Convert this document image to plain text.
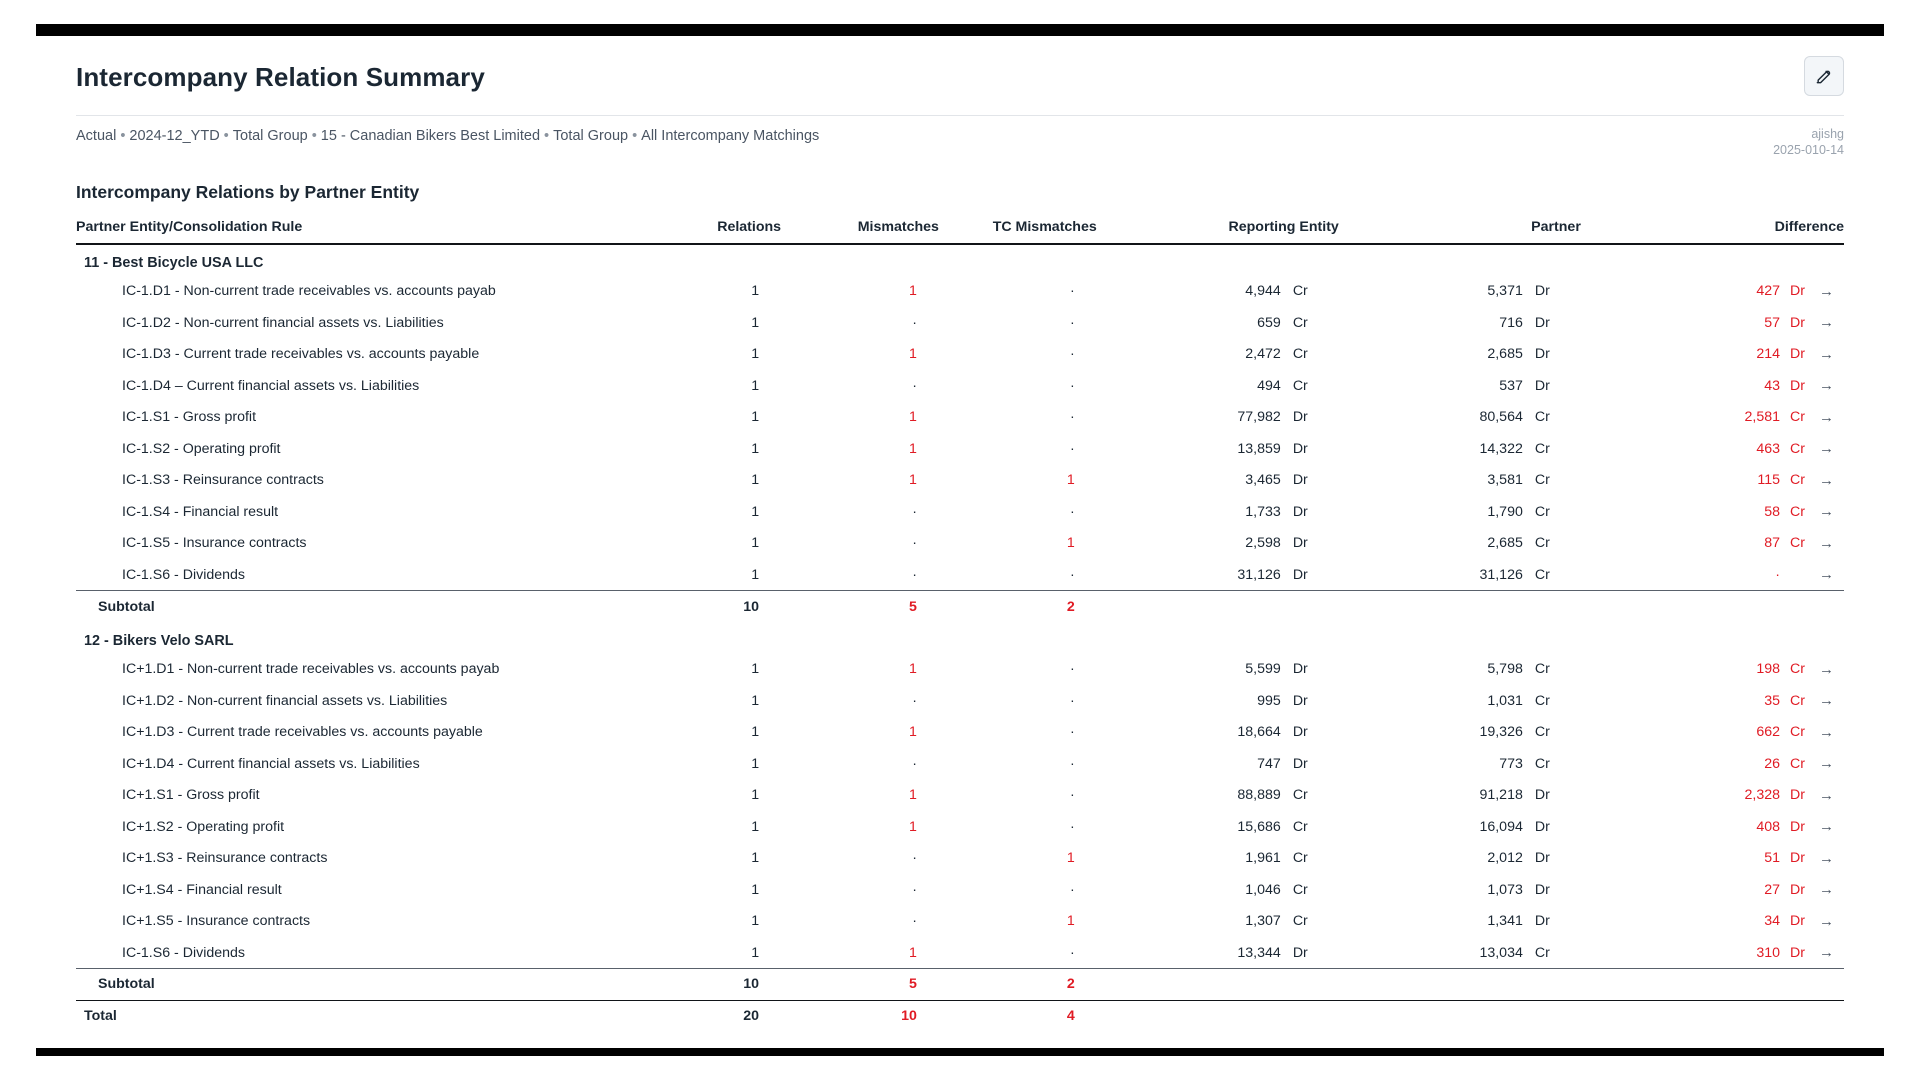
Intercompany Relation Summary
Actual • 2024-12_YTD • Total Group • 15 - Canadian Bikers Best Limited • Total Group • All Intercompany Matchings	ajishg
2025-010-14
Intercompany Relations by Partner Entity
Partner Entity/Consolidation Rule	Relations	Mismatches	TC Mismatches	Reporting Entity	Partner	Difference
11 - Best Bicycle USA LLC						
IC-1.D1 - Non-current trade receivables vs. accounts payab	1	1	·	4,944 Cr	5,371 Dr	427 Dr →

IC-1.D2 - Non-current financial assets vs. Liabilities	1	·	·	659 Cr	716 Dr	57 Dr →

IC-1.D3 - Current trade receivables vs. accounts payable	1	1	·	2,472 Cr	2,685 Dr	214 Dr →

IC-1.D4 – Current financial assets vs. Liabilities	1	·	·	494 Cr	537 Dr	43 Dr →

IC-1.S1 - Gross profit	1	1	·	77,982 Dr	80,564 Cr	2,581 Cr →

IC-1.S2 - Operating profit	1	1	·	13,859 Dr	14,322 Cr	463 Cr →

IC-1.S3 - Reinsurance contracts	1	1	1	3,465 Dr	3,581 Cr	115 Cr →

IC-1.S4 - Financial result	1	·	·	1,733 Dr	1,790 Cr	58 Cr →

IC-1.S5 - Insurance contracts	1	·	1	2,598 Dr	2,685 Cr	87 Cr →

IC-1.S6 - Dividends	1	·	·	31,126 Dr	31,126 Cr	· →

Subtotal	10	5	2			
12 - Bikers Velo SARL						
IC+1.D1 - Non-current trade receivables vs. accounts payab	1	1	·	5,599 Dr	5,798 Cr	198 Cr →

IC+1.D2 - Non-current financial assets vs. Liabilities	1	·	·	995 Dr	1,031 Cr	35 Cr →

IC+1.D3 - Current trade receivables vs. accounts payable	1	1	·	18,664 Dr	19,326 Cr	662 Cr →

IC+1.D4 - Current financial assets vs. Liabilities	1	·	·	747 Dr	773 Cr	26 Cr →

IC+1.S1 - Gross profit	1	1	·	88,889 Cr	91,218 Dr	2,328 Dr →

IC+1.S2 - Operating profit	1	1	·	15,686 Cr	16,094 Dr	408 Dr →

IC+1.S3 - Reinsurance contracts	1	·	1	1,961 Cr	2,012 Dr	51 Dr →

IC+1.S4 - Financial result	1	·	·	1,046 Cr	1,073 Dr	27 Dr →

IC+1.S5 - Insurance contracts	1	·	1	1,307 Cr	1,341 Dr	34 Dr →

IC-1.S6 - Dividends	1	1	·	13,344 Dr	13,034 Cr	310 Dr →

Subtotal	10	5	2			
Total	20	10	4			
